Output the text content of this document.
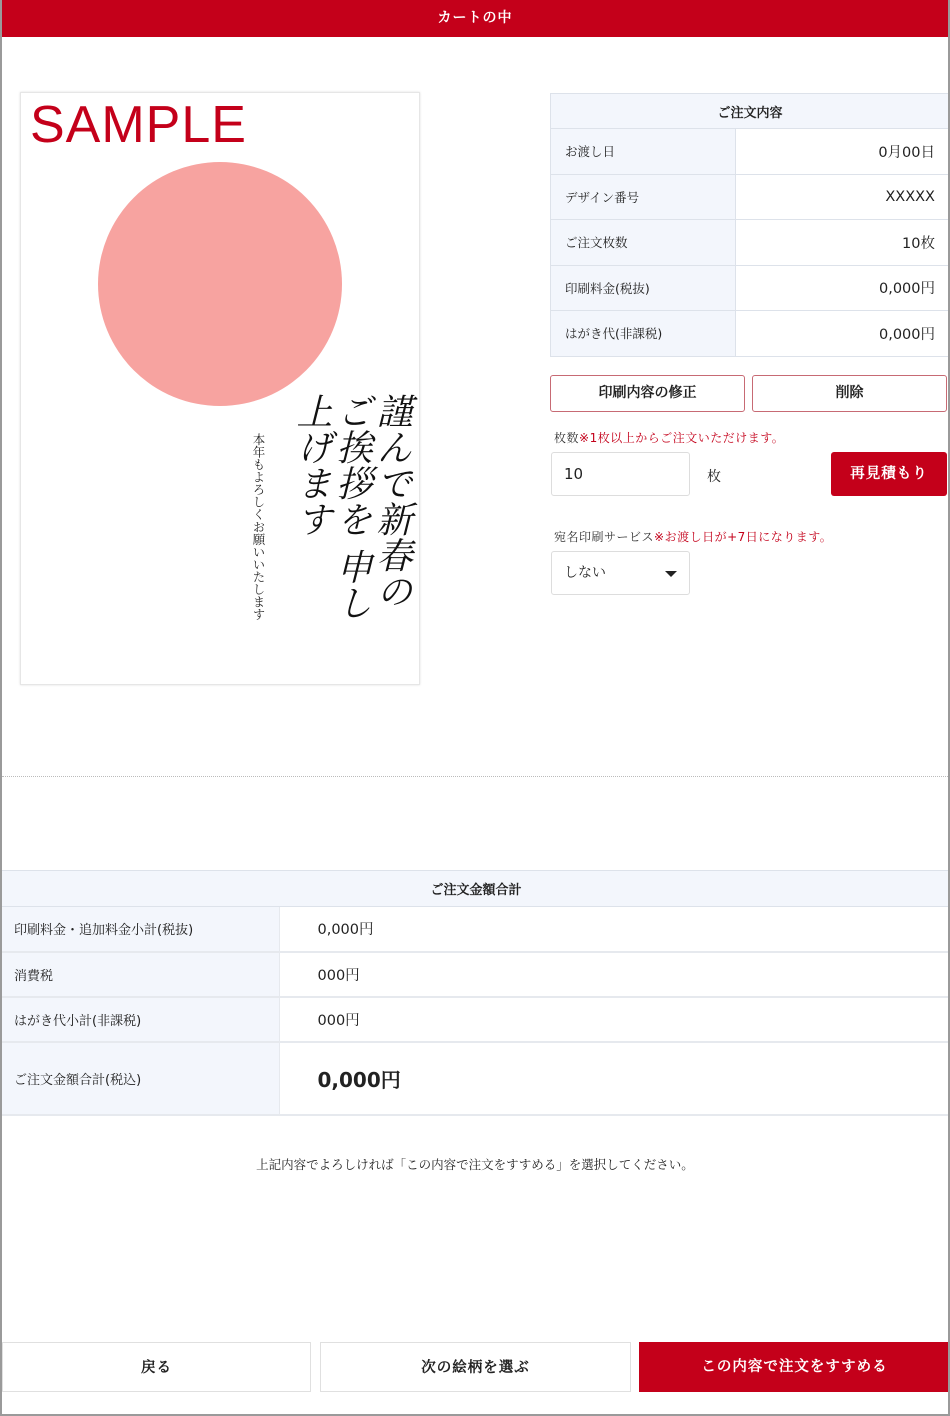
カートの中
SAMPLE
謹んで新春の ご挨拶を 申し上げます
本年もよろしくお願いいたします
ご注文内容	
お渡し日	0月00日
デザイン番号	XXXXX
ご注文枚数	10枚
印刷料金(税抜)	0,000円
はがき代(非課税)	0,000円
印刷内容の修正	削除
枚数※1枚以上からご注文いただけます。
10	枚	再見積もり
宛名印刷サービス※お渡し日が+7日になります。
しない
ご注文金額合計	
印刷料金・追加料金小計(税抜)	0,000円
消費税	000円
はがき代小計(非課税)	000円
ご注文金額合計(税込)	0,000円
上記内容でよろしければ「この内容で注文をすすめる」を選択してください。
戻る	次の絵柄を選ぶ	この内容で注文をすすめる
